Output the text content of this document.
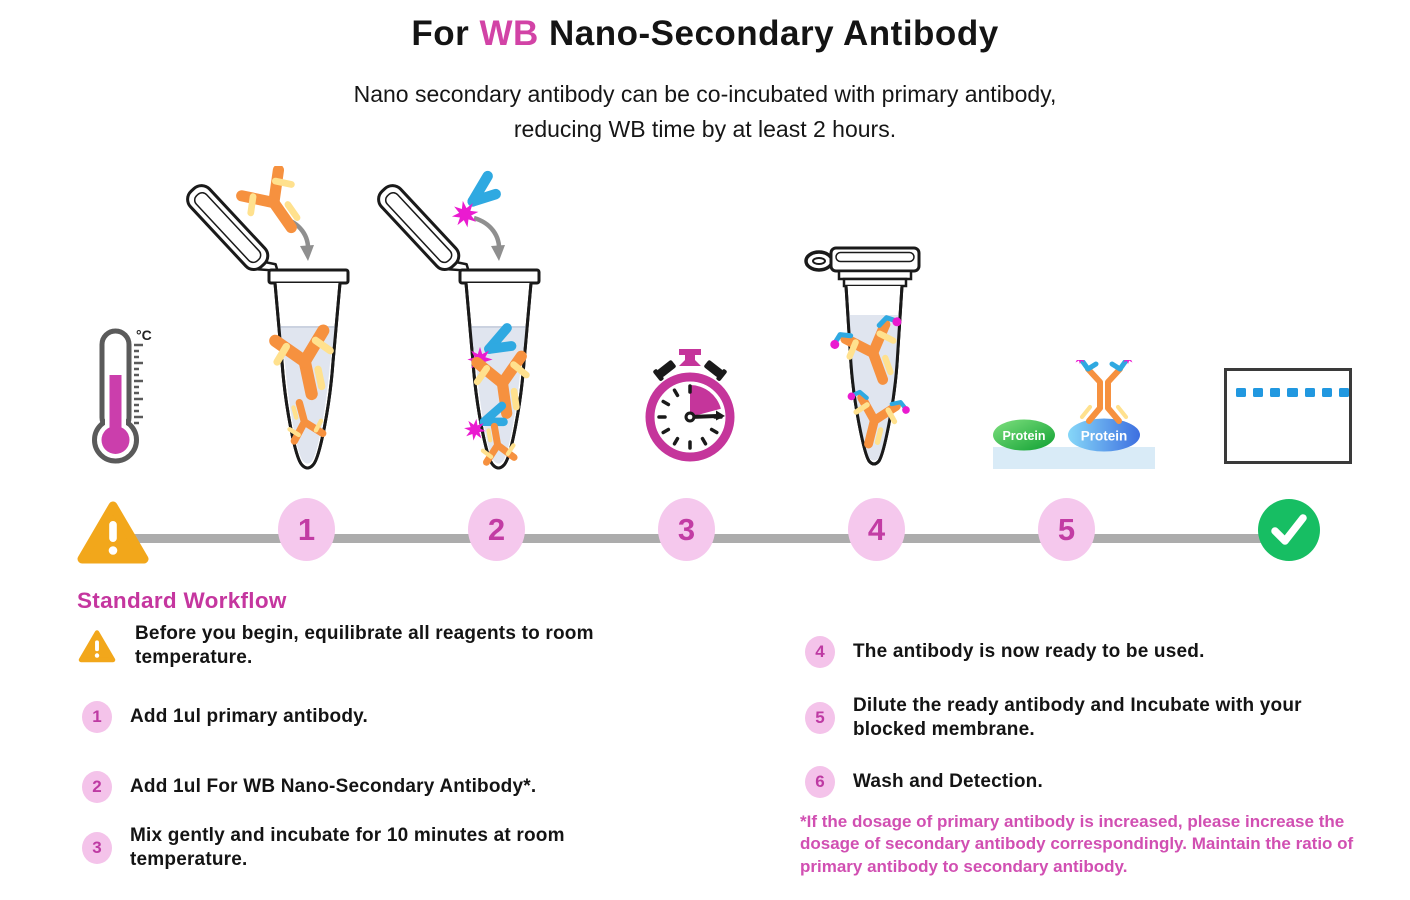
For WB Nano-Secondary Antibody
Nano secondary antibody can be co-incubated with primary antibody,
reducing WB time by at least 2 hours.
°C
Protein	Protein
1	2	3	4	5
Standard Workflow
Before you begin, equilibrate all reagents to room temperature.
1	Add 1ul primary antibody.
2	Add 1ul For WB Nano-Secondary Antibody*.
3
Mix gently and incubate for 10 minutes at room temperature.
4	The antibody is now ready to be used.
5
Dilute the ready antibody and Incubate with your blocked membrane.
6	Wash and Detection.
*If the dosage of primary antibody is increased, please increase the dosage of secondary antibody correspondingly. Maintain the ratio of primary antibody to secondary antibody.
